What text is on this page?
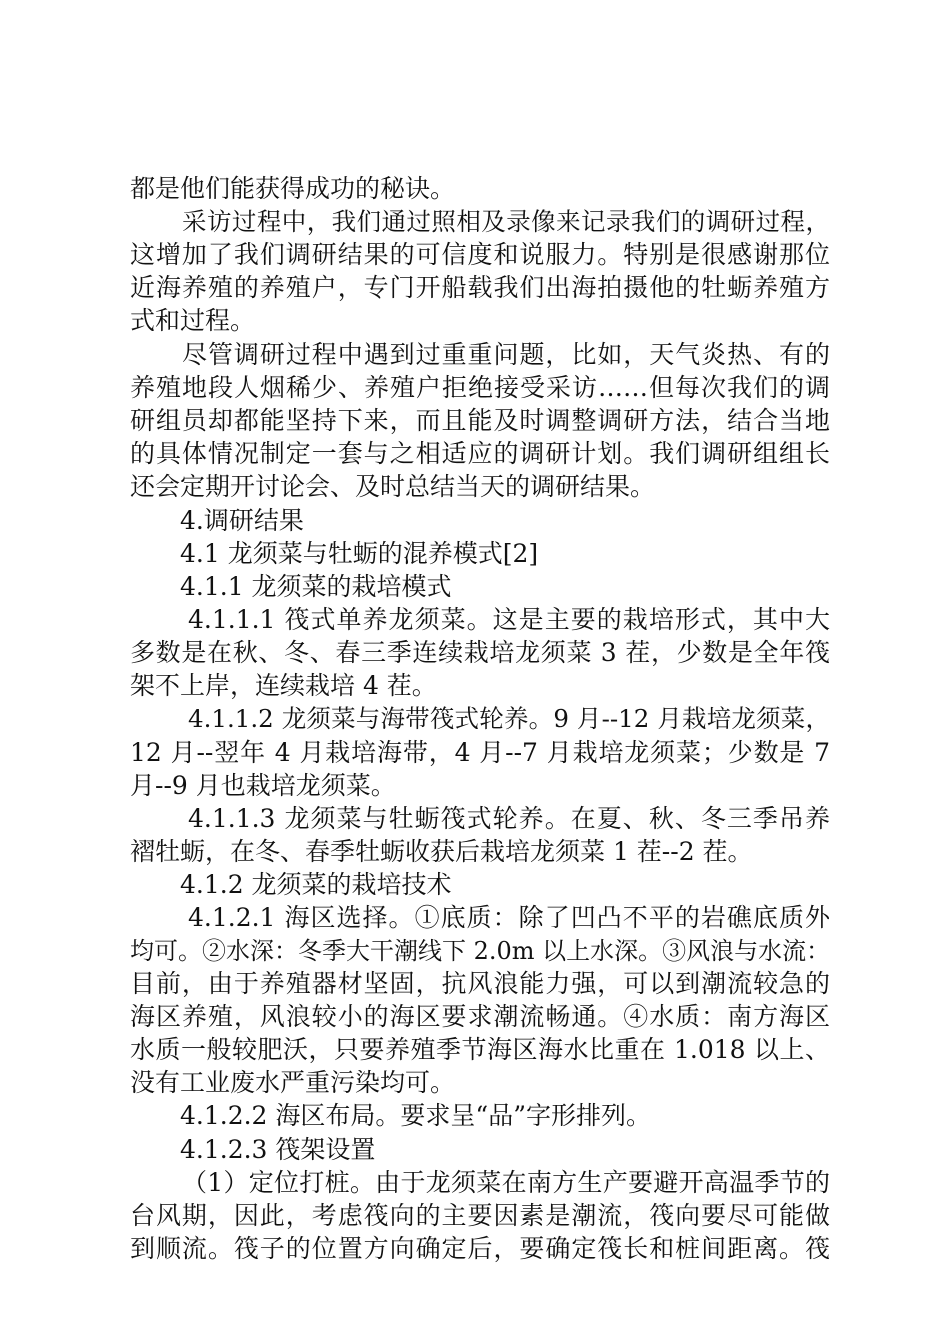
都是他们能获得成功的秘诀。

采访过程中，我们通过照相及录像来记录我们的调研过程，

这增加了我们调研结果的可信度和说服力。特别是很感谢那位

近海养殖的养殖户，专门开船载我们出海拍摄他的牡蛎养殖方

式和过程。

尽管调研过程中遇到过重重问题，比如，天气炎热、有的

养殖地段人烟稀少、养殖户拒绝接受采访……但每次我们的调

研组员却都能坚持下来，而且能及时调整调研方法，结合当地

的具体情况制定一套与之相适应的调研计划。我们调研组组长

还会定期开讨论会、及时总结当天的调研结果。

4.调研结果

4.1 龙须菜与牡蛎的混养模式[2]

4.1.1 龙须菜的栽培模式

4.1.1.1 筏式单养龙须菜。这是主要的栽培形式，其中大

多数是在秋、冬、春三季连续栽培龙须菜 3 茬，少数是全年筏

架不上岸，连续栽培 4 茬。

4.1.1.2 龙须菜与海带筏式轮养。9 月--12 月栽培龙须菜，

12 月--翌年 4 月栽培海带，4 月--7 月栽培龙须菜；少数是 7

月--9 月也栽培龙须菜。

4.1.1.3 龙须菜与牡蛎筏式轮养。在夏、秋、冬三季吊养

褶牡蛎，在冬、春季牡蛎收获后栽培龙须菜 1 茬--2 茬。

4.1.2 龙须菜的栽培技术

4.1.2.1 海区选择。①底质：除了凹凸不平的岩礁底质外

均可。②水深：冬季大干潮线下 2.0m 以上水深。③风浪与水流：

目前，由于养殖器材坚固，抗风浪能力强，可以到潮流较急的

海区养殖，风浪较小的海区要求潮流畅通。④水质：南方海区

水质一般较肥沃，只要养殖季节海区海水比重在 1.018 以上、

没有工业废水严重污染均可。

4.1.2.2 海区布局。要求呈“品”字形排列。

4.1.2.3 筏架设置

（1）定位打桩。由于龙须菜在南方生产要避开高温季节的

台风期，因此，考虑筏向的主要因素是潮流，筏向要尽可能做

到顺流。筏子的位置方向确定后，要确定筏长和桩间距离。筏
